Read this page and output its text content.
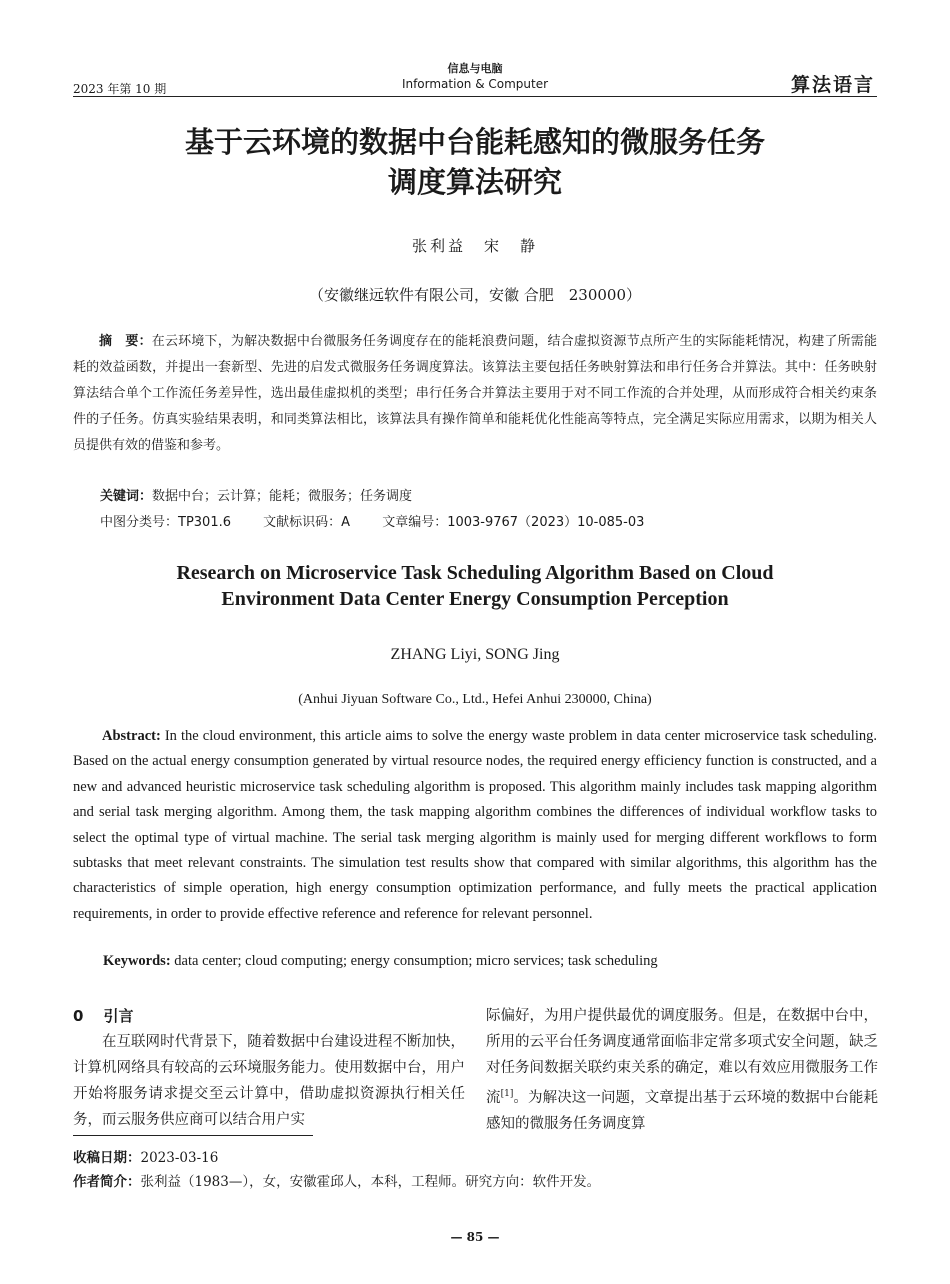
2023 年第 10 期
信息与电脑
Information & Computer	算法语言
基于云环境的数据中台能耗感知的微服务任务
调度算法研究
张利益　宋　静
（安徽继远软件有限公司，安徽 合肥　230000）
摘　要：在云环境下，为解决数据中台微服务任务调度存在的能耗浪费问题，结合虚拟资源节点所产生的实际能耗情况，构建了所需能耗的效益函数，并提出一套新型、先进的启发式微服务任务调度算法。该算法主要包括任务映射算法和串行任务合并算法。其中：任务映射算法结合单个工作流任务差异性，选出最佳虚拟机的类型；串行任务合并算法主要用于对不同工作流的合并处理，从而形成符合相关约束条件的子任务。仿真实验结果表明，和同类算法相比，该算法具有操作简单和能耗优化性能高等特点，完全满足实际应用需求，以期为相关人员提供有效的借鉴和参考。
关键词：数据中台；云计算；能耗；微服务；任务调度
中图分类号：TP301.6 文献标识码：A 文章编号：1003-9767（2023）10-085-03
Research on Microservice Task Scheduling Algorithm Based on Cloud
Environment Data Center Energy Consumption Perception
ZHANG Liyi, SONG Jing
(Anhui Jiyuan Software Co., Ltd., Hefei Anhui 230000, China)
Abstract: In the cloud environment, this article aims to solve the energy waste problem in data center microservice task scheduling. Based on the actual energy consumption generated by virtual resource nodes, the required energy efficiency function is constructed, and a new and advanced heuristic microservice task scheduling algorithm is proposed. This algorithm mainly includes task mapping algorithm and serial task merging algorithm. Among them, the task mapping algorithm combines the differences of individual workflow tasks to select the optimal type of virtual machine. The serial task merging algorithm is mainly used for merging different workflows to form subtasks that meet relevant constraints. The simulation test results show that compared with similar algorithms, this algorithm has the characteristics of simple operation, high energy consumption optimization performance, and fully meets the practical application requirements, in order to provide effective reference and reference for relevant personnel.
Keywords: data center; cloud computing; energy consumption; micro services; task scheduling
0 引言

在互联网时代背景下，随着数据中台建设进程不断加快，计算机网络具有较高的云环境服务能力。使用数据中台，用户开始将服务请求提交至云计算中，借助虚拟资源执行相关任务，而云服务供应商可以结合用户实

际偏好，为用户提供最优的调度服务。但是，在数据中台中，所用的云平台任务调度通常面临非定常多项式安全问题，缺乏对任务间数据关联约束关系的确定，难以有效应用微服务工作流[1]。为解决这一问题，文章提出基于云环境的数据中台能耗感知的微服务任务调度算

收稿日期：2023-03-16
作者简介：张利益（1983—），女，安徽霍邱人，本科，工程师。研究方向：软件开发。
— 85 —
